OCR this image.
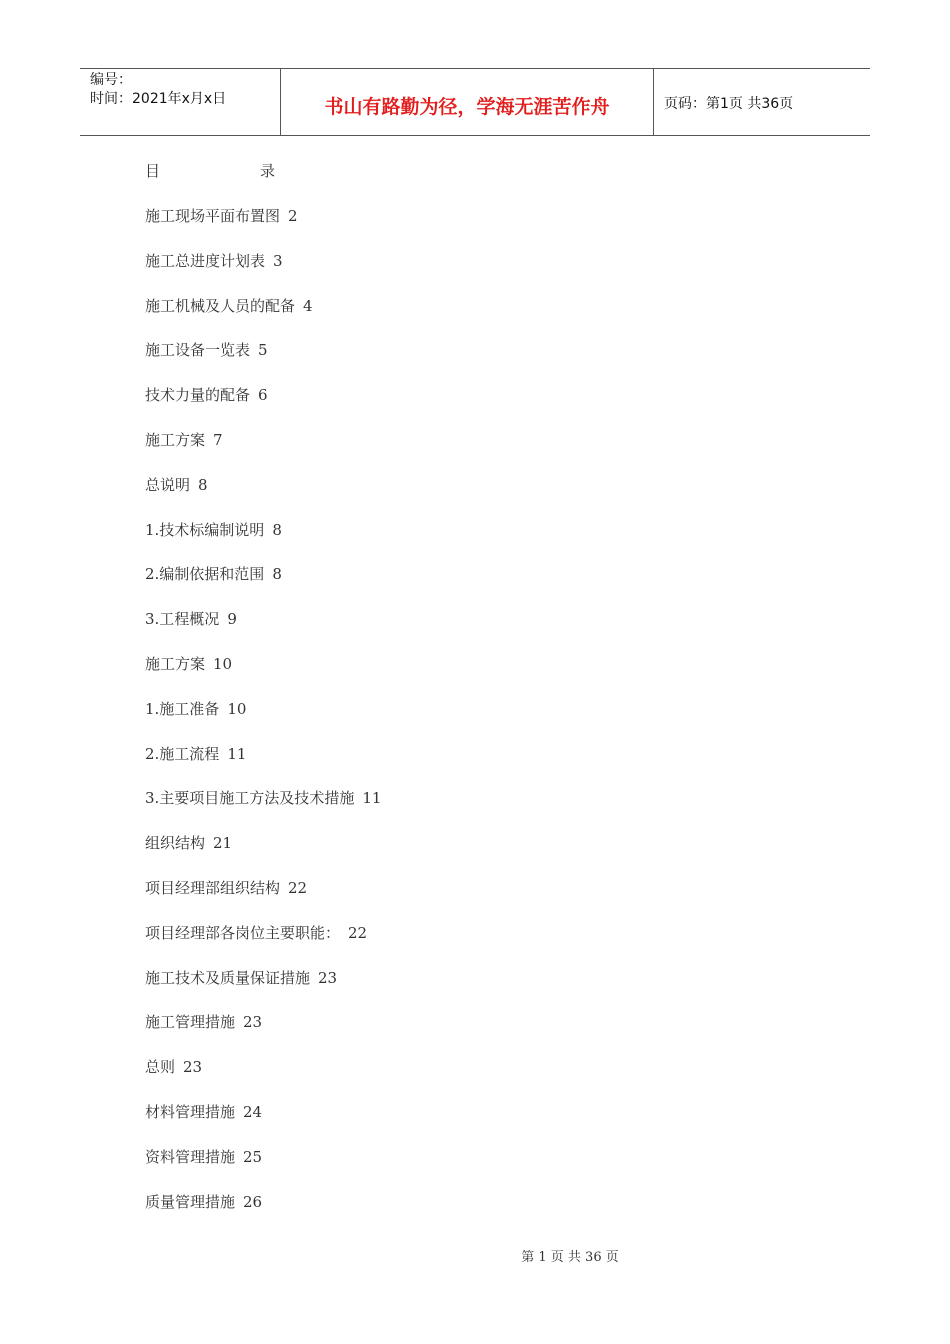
编号：
时间：2021年x月x日	书山有路勤为径，学海无涯苦作舟	页码：第1页 共36页
目	录
施工现场平面布置图 2
施工总进度计划表 3
施工机械及人员的配备 4
施工设备一览表 5
技术力量的配备 6
施工方案 7
总说明 8
1.技术标编制说明 8
2.编制依据和范围 8
3.工程概况 9
施工方案 10
1.施工准备 10
2.施工流程 11
3.主要项目施工方法及技术措施 11
组织结构 21
项目经理部组织结构 22
项目经理部各岗位主要职能： 22
施工技术及质量保证措施 23
施工管理措施 23
总则 23
材料管理措施 24
资料管理措施 25
质量管理措施 26
第 1 页 共 36 页
